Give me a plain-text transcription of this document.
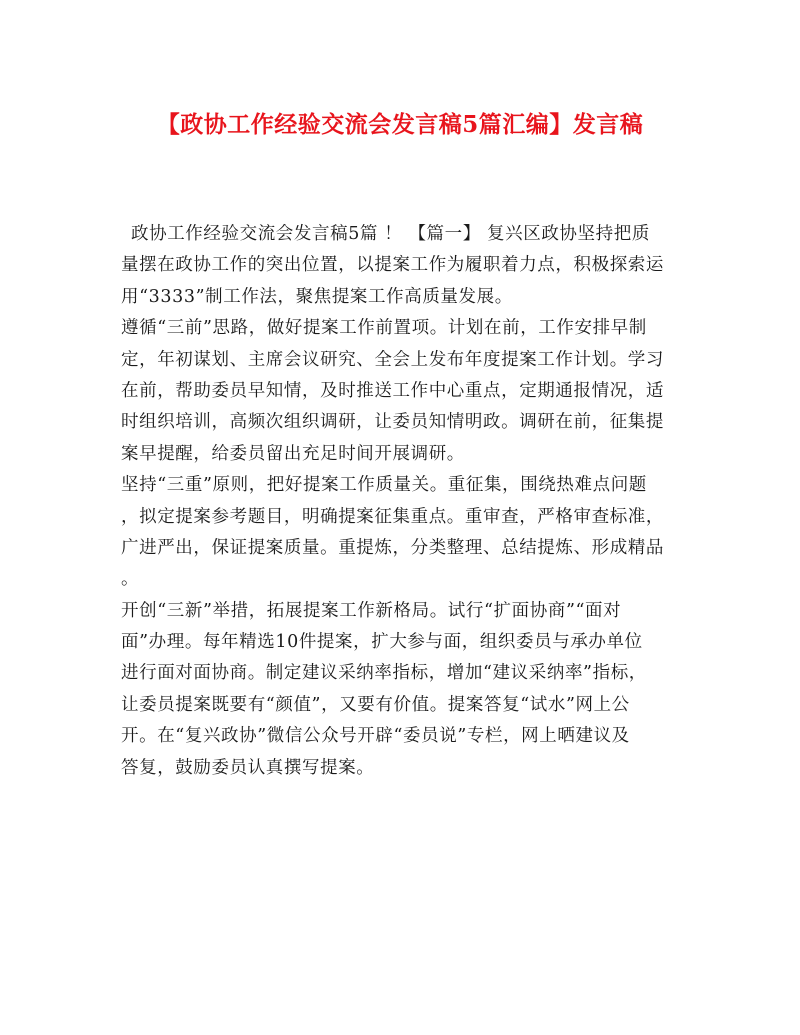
【政协工作经验交流会发言稿5篇汇编】发言稿
政协工作经验交流会发言稿5篇 ！ 【篇一】 复兴区政协坚持把质
量摆在政协工作的突出位置，以提案工作为履职着力点，积极探索运
用“3333”制工作法，聚焦提案工作高质量发展。
遵循“三前”思路，做好提案工作前置项。计划在前，工作安排早制
定，年初谋划、主席会议研究、全会上发布年度提案工作计划。学习
在前，帮助委员早知情，及时推送工作中心重点，定期通报情况，适
时组织培训，高频次组织调研，让委员知情明政。调研在前，征集提
案早提醒，给委员留出充足时间开展调研。
坚持“三重”原则，把好提案工作质量关。重征集，围绕热难点问题
，拟定提案参考题目，明确提案征集重点。重审查，严格审查标准，
广进严出，保证提案质量。重提炼，分类整理、总结提炼、形成精品
。
开创“三新”举措，拓展提案工作新格局。试行“扩面协商”“面对
面”办理。每年精选10件提案，扩大参与面，组织委员与承办单位
进行面对面协商。制定建议采纳率指标，增加“建议采纳率”指标，
让委员提案既要有“颜值”，又要有价值。提案答复“试水”网上公
开。在“复兴政协”微信公众号开辟“委员说”专栏，网上晒建议及
答复，鼓励委员认真撰写提案。
